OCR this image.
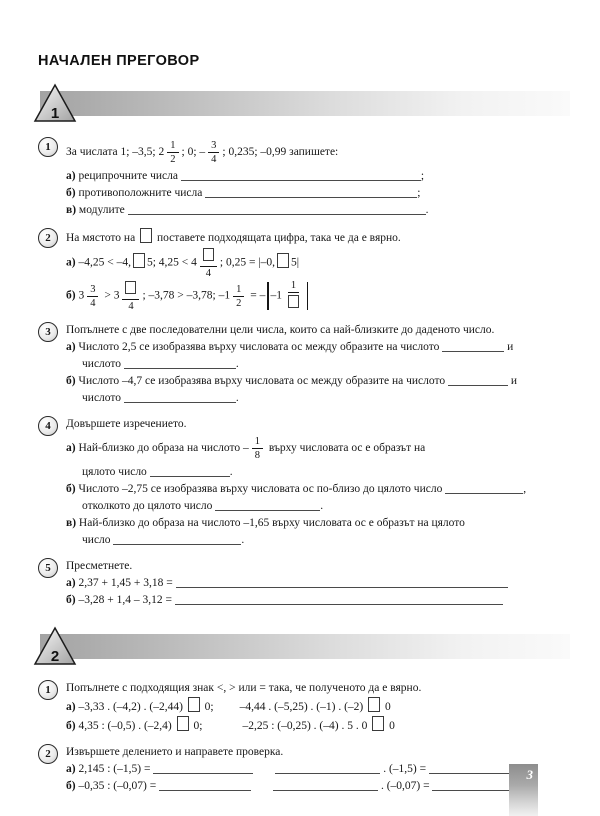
НАЧАЛЕН ПРЕГОВОР
1
1 За числата 1; –3,5; $2 \frac{1}{2}$ ; 0; – $\frac{3}{4}$ ; 0,235; –0,99 запишете:
а) реципрочните числа	;
б) противоположните числа	;
в) модулите	.
2 На мястото на  поставете подходящата цифра, така че да е вярно.
а) –4,25 < –4, 5; 4,25 < 4
4
; 0,25 = |–0, 5|
б) $3 \frac{3}{4} > 3$
4
; –3,78 > –3,78; $-1 \frac{1}{2}$ = – –1
1
3 Попълнете с две последователни цели числа, които са най-близките до даденото число.
а) Числото 2,5 се изобразява върху числовата ос между образите на числото	и
числото	.
б) Числото –4,7 се изобразява върху числовата ос между образите на числото	и
числото	.
4 Довършете изречението.
а) Най-близко до образа на числото – $\frac{1}{8}$ върху числовата ос е образът на
цялото число	.
б) Числото –2,75 се изобразява върху числовата ос по-близо до цялото число	,
отколкото до цялото число	.
в) Най-близко до образа на числото –1,65 върху числовата ос е образът на цялото
число	.
5 Пресметнете.
а) 2,37 + 1,45 + 3,18 =
б) –3,28 + 1,4 – 3,12 =
2
1 Попълнете с подходящия знак <, > или = така, че полученото да е вярно.
а) –3,33 . (–4,2) . (–2,44)  0; –4,44 . (–5,25) . (–1) . (–2)  0
б) 4,35 : (–0,5) . (–2,4)  0;	–2,25 : (–0,25) . (–4) . 5 . 0  0
2 Извършете делението и направете проверка.
а) 2,145 : (–1,5) =	. (–1,5) =
б) –0,35 : (–0,07) =	. (–0,07) =
3
